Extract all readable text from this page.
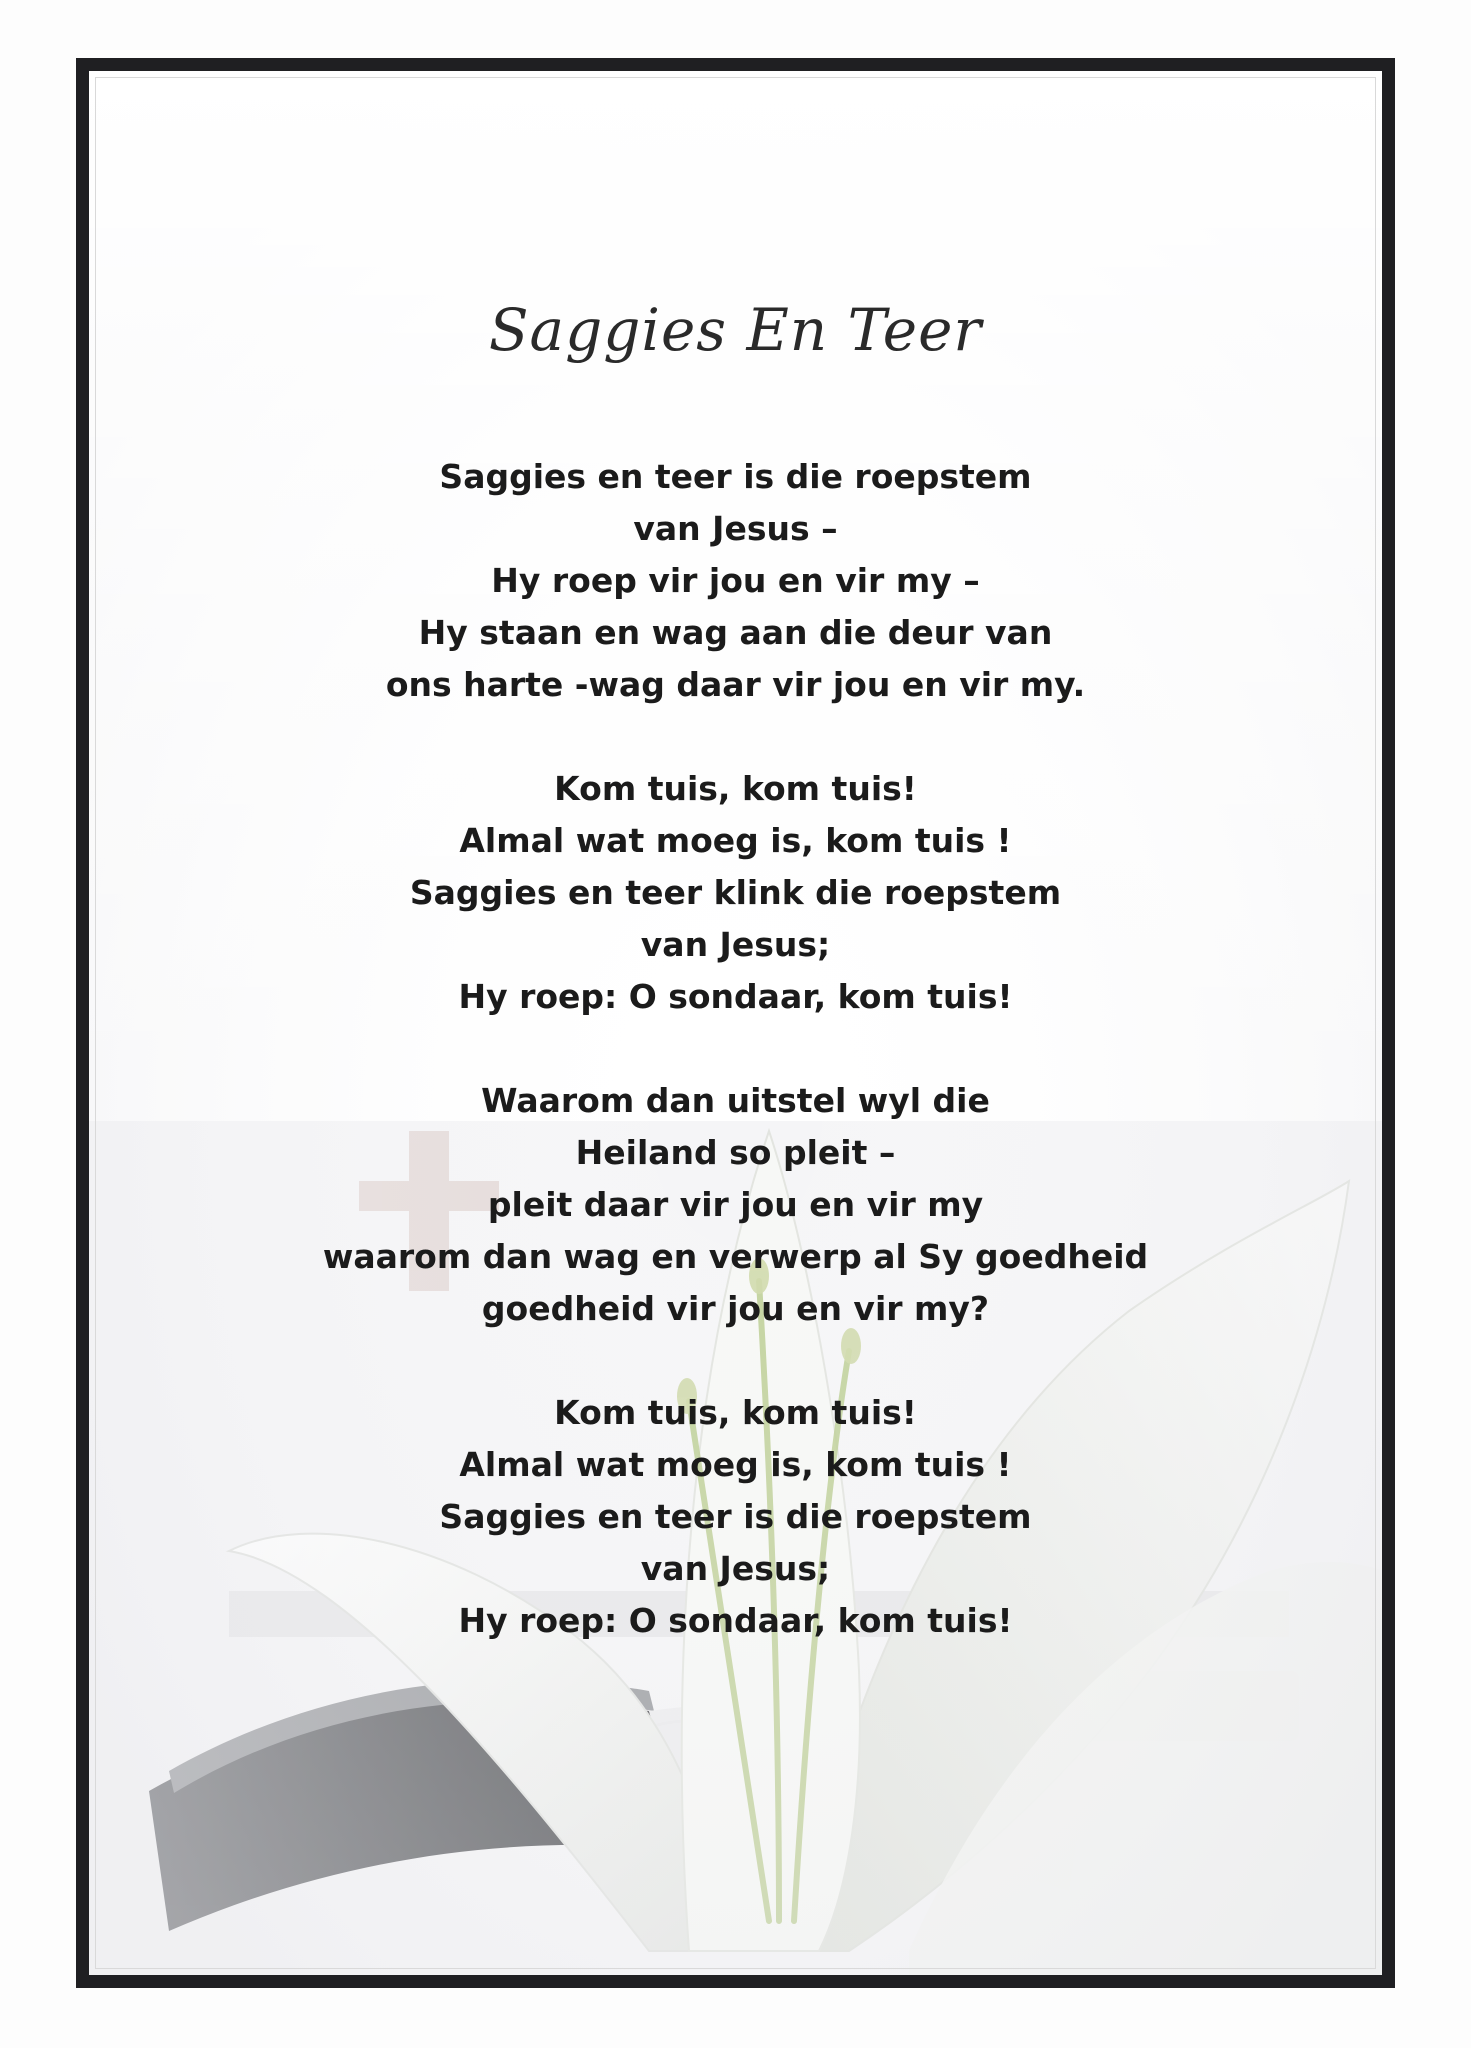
Saggies En Teer
Saggies en teer is die roepstem
van Jesus –
Hy roep vir jou en vir my –
Hy staan en wag aan die deur van
ons harte -wag daar vir jou en vir my.
Kom tuis, kom tuis!
Almal wat moeg is, kom tuis !
Saggies en teer klink die roepstem
van Jesus;
Hy roep: O sondaar, kom tuis!
Waarom dan uitstel wyl die
Heiland so pleit –
pleit daar vir jou en vir my
waarom dan wag en verwerp al Sy goedheid
goedheid vir jou en vir my?
Kom tuis, kom tuis!
Almal wat moeg is, kom tuis !
Saggies en teer is die roepstem
van Jesus;
Hy roep: O sondaar, kom tuis!
